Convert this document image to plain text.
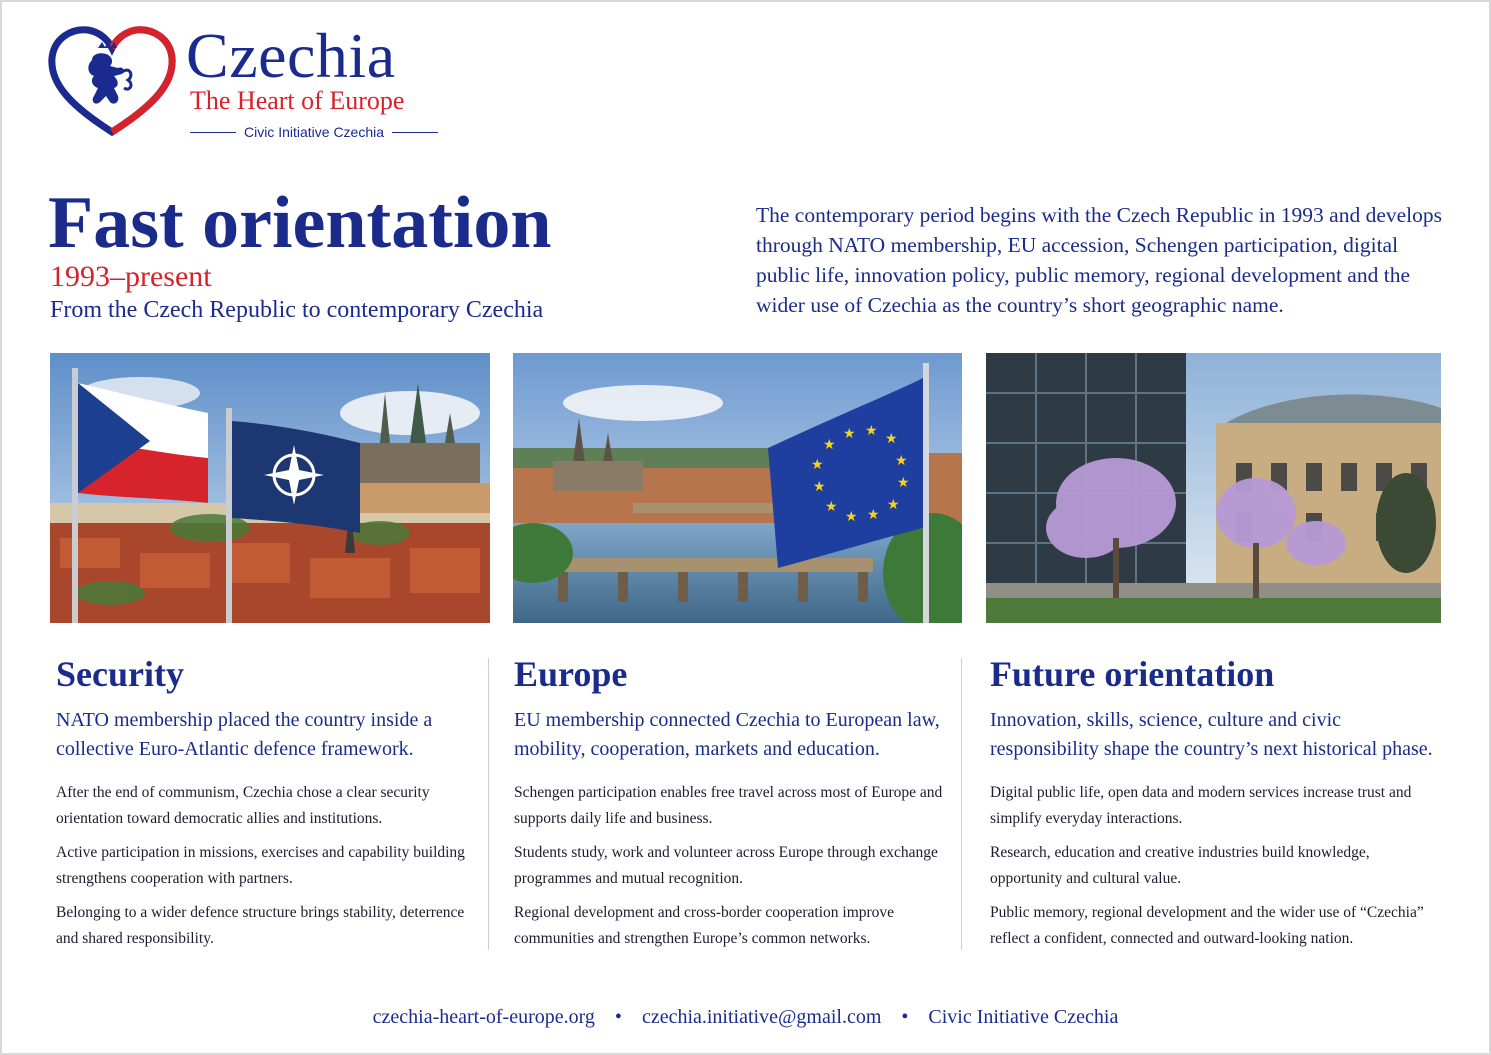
Czechia
The Heart of Europe
Civic Initiative Czechia
Fast orientation
1993–present
From the Czech Republic to contemporary Czechia

The contemporary period begins with the Czech Republic in 1993 and develops through NATO membership, EU accession, Schengen participation, digital public life, innovation policy, public memory, regional development and the wider use of Czechia as the country’s short geographic name.

★ ★ ★
★
★
★
★
★
★
★
★
★
Security

NATO membership placed the country inside a collective Euro-Atlantic defence framework.

After the end of communism, Czechia chose a clear security orientation toward democratic allies and institutions.

Active participation in missions, exercises and capability building strengthens cooperation with partners.

Belonging to a wider defence structure brings stability, deterrence and shared responsibility.

Europe

EU membership connected Czechia to European law, mobility, cooperation, markets and education.

Schengen participation enables free travel across most of Europe and supports daily life and business.

Students study, work and volunteer across Europe through exchange programmes and mutual recognition.

Regional development and cross-border cooperation improve communities and strengthen Europe’s common networks.

Future orientation

Innovation, skills, science, culture and civic responsibility shape the country’s next historical phase.

Digital public life, open data and modern services increase trust and simplify everyday interactions.

Research, education and creative industries build knowledge, opportunity and cultural value.

Public memory, regional development and the wider use of “Czechia” reflect a confident, connected and outward-looking nation.

czechia-heart-of-europe.org • czechia.initiative@gmail.com • Civic Initiative Czechia
